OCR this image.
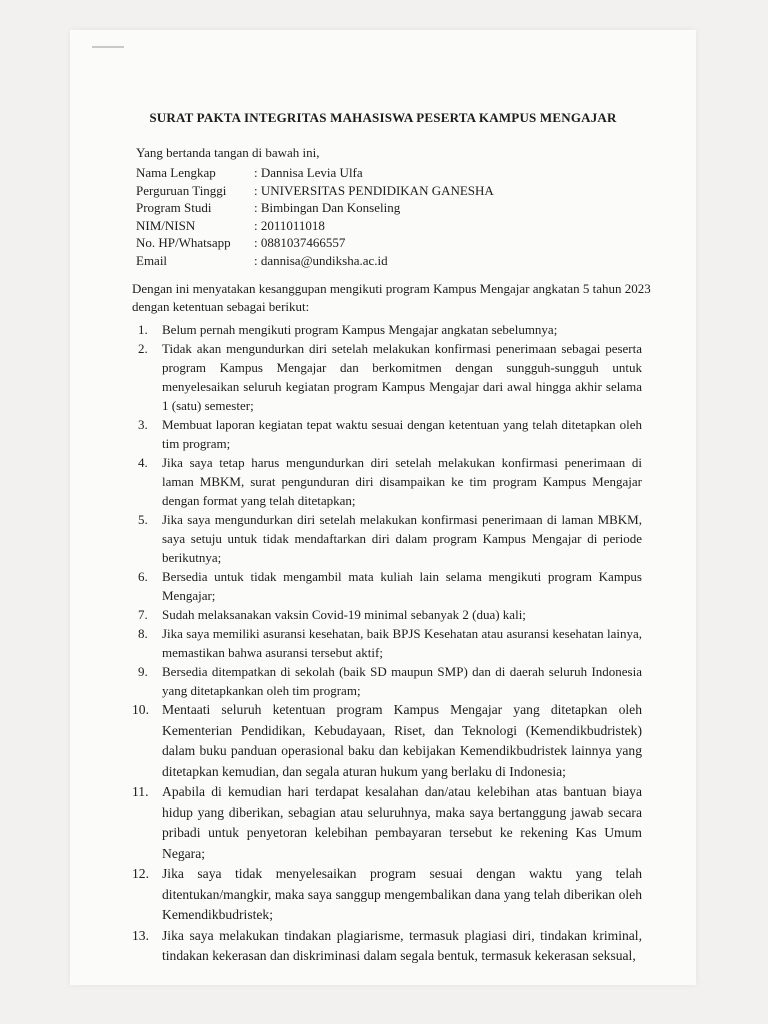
SURAT PAKTA INTEGRITAS MAHASISWA PESERTA KAMPUS MENGAJAR

Yang bertanda tangan di bawah ini,

Nama Lengkap	: Dannisa Levia Ulfa
Perguruan Tinggi	: UNIVERSITAS PENDIDIKAN GANESHA
Program Studi	: Bimbingan Dan Konseling
NIM/NISN	: 2011011018
No. HP/Whatsapp	: 0881037466557
Email	: dannisa@undiksha.ac.id

Dengan ini menyatakan kesanggupan mengikuti program Kampus Mengajar angkatan 5 tahun 2023 dengan ketentuan sebagai berikut:

1.	Belum pernah mengikuti program Kampus Mengajar angkatan sebelumnya;
2.	Tidak akan mengundurkan diri setelah melakukan konfirmasi penerimaan sebagai peserta program Kampus Mengajar dan berkomitmen dengan sungguh-sungguh untuk menyelesaikan seluruh kegiatan program Kampus Mengajar dari awal hingga akhir selama 1 (satu) semester;
3.	Membuat laporan kegiatan tepat waktu sesuai dengan ketentuan yang telah ditetapkan oleh tim program;
4.	Jika saya tetap harus mengundurkan diri setelah melakukan konfirmasi penerimaan di laman MBKM, surat pengunduran diri disampaikan ke tim program Kampus Mengajar dengan format yang telah ditetapkan;
5.	Jika saya mengundurkan diri setelah melakukan konfirmasi penerimaan di laman MBKM, saya setuju untuk tidak mendaftarkan diri dalam program Kampus Mengajar di periode berikutnya;
6.	Bersedia untuk tidak mengambil mata kuliah lain selama mengikuti program Kampus Mengajar;
7.	Sudah melaksanakan vaksin Covid-19 minimal sebanyak 2 (dua) kali;
8.	Jika saya memiliki asuransi kesehatan, baik BPJS Kesehatan atau asuransi kesehatan lainya, memastikan bahwa asuransi tersebut aktif;
9.	Bersedia ditempatkan di sekolah (baik SD maupun SMP) dan di daerah seluruh Indonesia yang ditetapkankan oleh tim program;
10. Mentaati seluruh ketentuan program Kampus Mengajar yang ditetapkan oleh Kementerian Pendidikan, Kebudayaan, Riset, dan Teknologi (Kemendikbudristek) dalam buku panduan operasional baku dan kebijakan Kemendikbudristek lainnya yang ditetapkan kemudian, dan segala aturan hukum yang berlaku di Indonesia;
11. Apabila di kemudian hari terdapat kesalahan dan/atau kelebihan atas bantuan biaya hidup yang diberikan, sebagian atau seluruhnya, maka saya bertanggung jawab secara pribadi untuk penyetoran kelebihan pembayaran tersebut ke rekening Kas Umum Negara;
12. Jika saya tidak menyelesaikan program sesuai dengan waktu yang telah ditentukan/mangkir, maka saya sanggup mengembalikan dana yang telah diberikan oleh Kemendikbudristek;
13. Jika saya melakukan tindakan plagiarisme, termasuk plagiasi diri, tindakan kriminal, tindakan kekerasan dan diskriminasi dalam segala bentuk, termasuk kekerasan seksual,
